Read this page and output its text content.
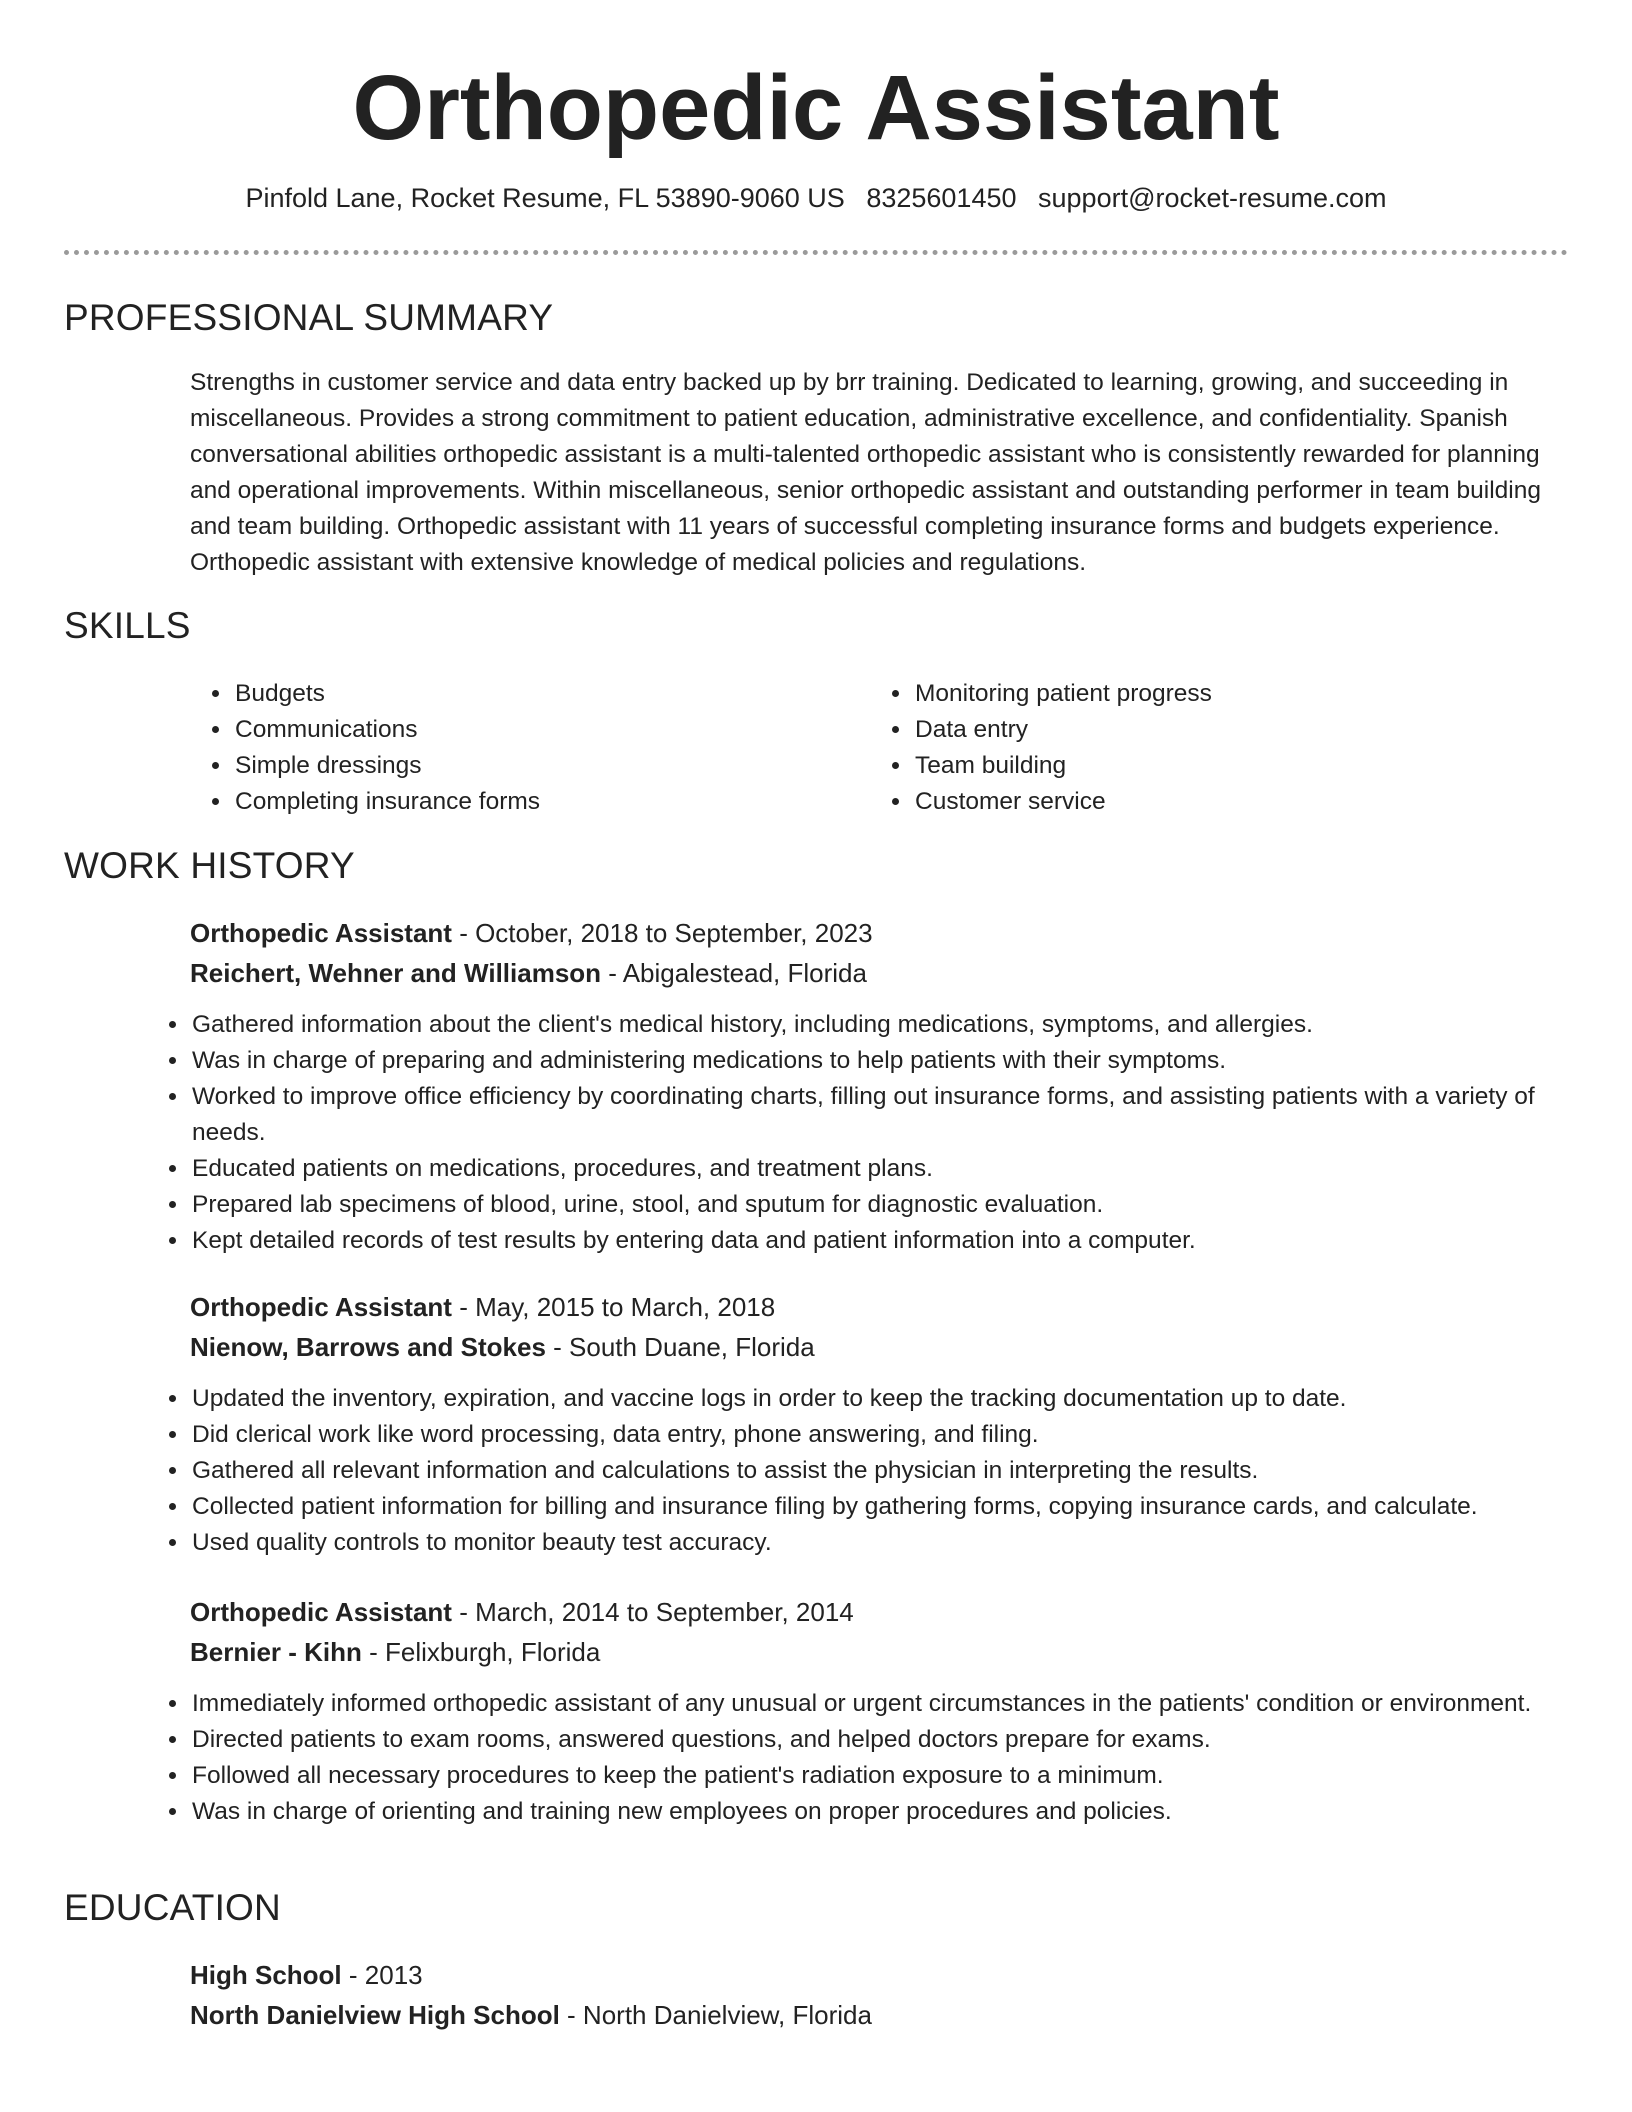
Orthopedic Assistant
Pinfold Lane, Rocket Resume, FL 53890-9060 US 8325601450 support@rocket-resume.com
PROFESSIONAL SUMMARY

Strengths in customer service and data entry backed up by brr training. Dedicated to learning, growing, and succeeding in miscellaneous. Provides a strong commitment to patient education, administrative excellence, and confidentiality. Spanish conversational abilities orthopedic assistant is a multi-talented orthopedic assistant who is consistently rewarded for planning and operational improvements. Within miscellaneous, senior orthopedic assistant and outstanding performer in team building and team building. Orthopedic assistant with 11 years of successful completing insurance forms and budgets experience. Orthopedic assistant with extensive knowledge of medical policies and regulations.

SKILLS
• Budgets
• Communications
• Simple dressings
• Completing insurance forms
• Monitoring patient progress
• Data entry
• Team building
• Customer service
WORK HISTORY
Orthopedic Assistant - October, 2018 to September, 2023
Reichert, Wehner and Williamson - Abigalestead, Florida
• Gathered information about the client's medical history, including medications, symptoms, and allergies.
• Was in charge of preparing and administering medications to help patients with their symptoms.
• Worked to improve office efficiency by coordinating charts, filling out insurance forms, and assisting patients with a variety of needs.
• Educated patients on medications, procedures, and treatment plans.
• Prepared lab specimens of blood, urine, stool, and sputum for diagnostic evaluation.
• Kept detailed records of test results by entering data and patient information into a computer.
Orthopedic Assistant - May, 2015 to March, 2018
Nienow, Barrows and Stokes - South Duane, Florida
• Updated the inventory, expiration, and vaccine logs in order to keep the tracking documentation up to date.
• Did clerical work like word processing, data entry, phone answering, and filing.
• Gathered all relevant information and calculations to assist the physician in interpreting the results.
• Collected patient information for billing and insurance filing by gathering forms, copying insurance cards, and calculate.
• Used quality controls to monitor beauty test accuracy.
Orthopedic Assistant - March, 2014 to September, 2014
Bernier - Kihn - Felixburgh, Florida
• Immediately informed orthopedic assistant of any unusual or urgent circumstances in the patients' condition or environment.
• Directed patients to exam rooms, answered questions, and helped doctors prepare for exams.
• Followed all necessary procedures to keep the patient's radiation exposure to a minimum.
• Was in charge of orienting and training new employees on proper procedures and policies.
EDUCATION
High School - 2013
North Danielview High School - North Danielview, Florida
